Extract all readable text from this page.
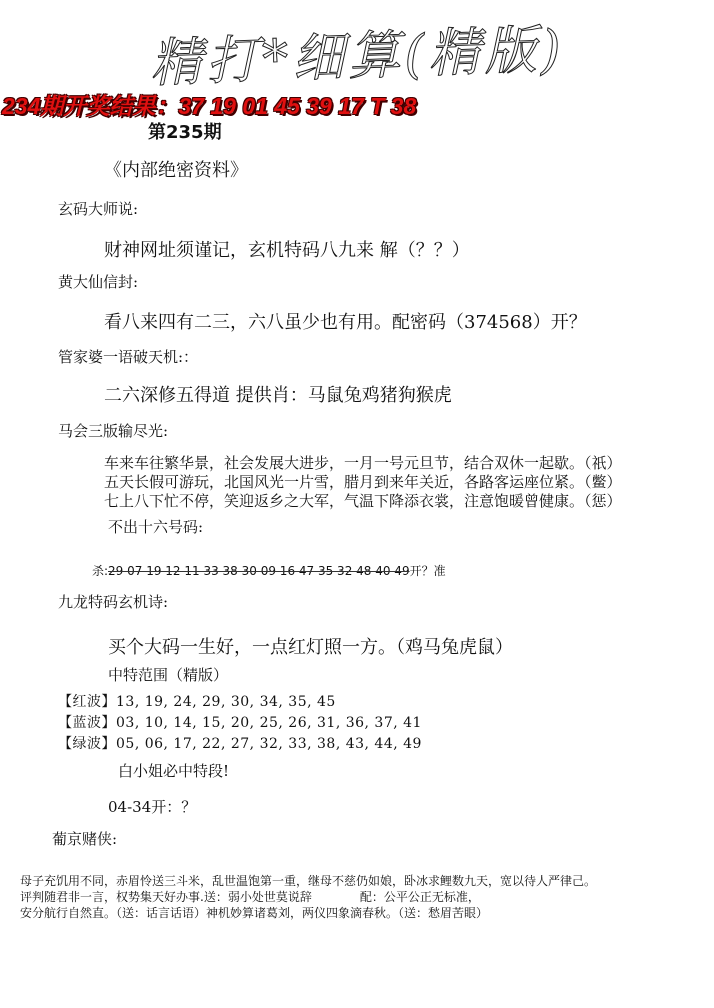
精打*细算(精版)
234期开奖结果：37 19 01 45 39 17 T 38
第235期
《内部绝密资料》
玄码大师说:
财神网址须谨记，玄机特码八九来 解（？？）
黄大仙信封:
看八来四有二三，六八虽少也有用。配密码（374568）开？
管家婆一语破天机:：
二六深修五得道 提供肖：马鼠兔鸡猪狗猴虎
马会三版输尽光:
车来车往繁华景，社会发展大进步，一月一号元旦节，结合双休一起歇。（祇）
五天长假可游玩，北国风光一片雪，腊月到来年关近，各路客运座位紧。（鳖）
七上八下忙不停，笑迎返乡之大军，气温下降添衣裳，注意饱暖曾健康。（惩）
不出十六号码:
杀:29 07 19 12 11 33 38 30 09 16 47 35 32 48 40 49开？准
九龙特码玄机诗:
买个大码一生好，一点红灯照一方。（鸡马兔虎鼠）
中特范围（精版）
【红波】13, 19, 24, 29, 30, 34, 35, 45
【蓝波】03, 10, 14, 15, 20, 25, 26, 31, 36, 37, 41
【绿波】05, 06, 17, 22, 27, 32, 33, 38, 43, 44, 49
白小姐必中特段!
04-34开：？
葡京赌侠:
母子充饥用不同，赤眉怜送三斗米，乱世温饱第一重，继母不慈仍如娘，卧冰求鲤数九天，宽以待人严律己。
评判随君非一言，权势集天好办事.送：弱小处世莫说辞　　　　配：公平公正无标准，
安分航行自然直。（送：话言话语）神机妙算诸葛刘，两仪四象滴春秋。（送：愁眉苦眼）
